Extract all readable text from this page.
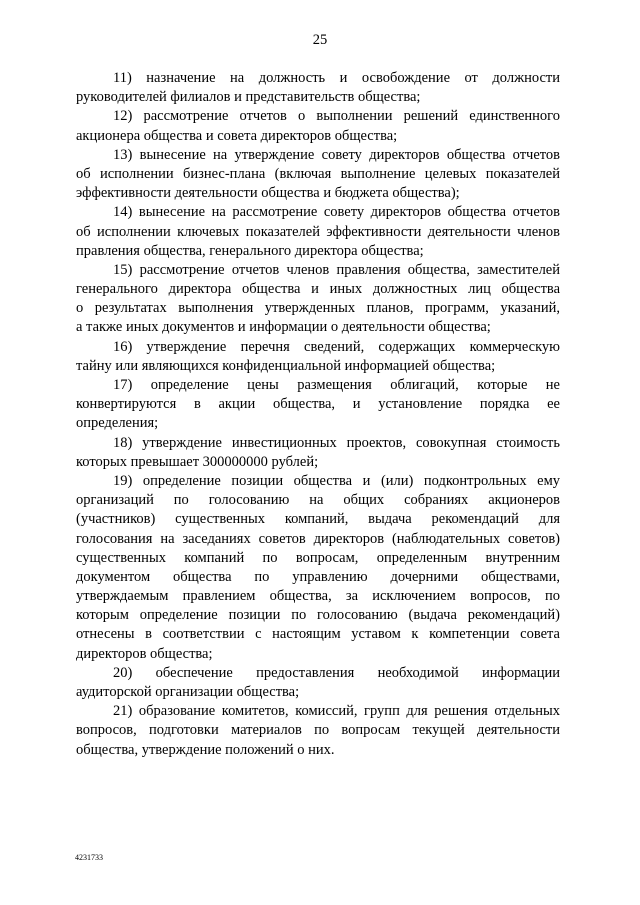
25
11) назначение на должность и освобождение от должности
руководителей филиалов и представительств общества;
12) рассмотрение отчетов о выполнении решений единственного
акционера общества и совета директоров общества;
13) вынесение на утверждение совету директоров общества отчетов
об исполнении бизнес-плана (включая выполнение целевых показателей
эффективности деятельности общества и бюджета общества);
14) вынесение на рассмотрение совету директоров общества отчетов
об исполнении ключевых показателей эффективности деятельности членов
правления общества, генерального директора общества;
15) рассмотрение отчетов членов правления общества, заместителей
генерального директора общества и иных должностных лиц общества
о результатах выполнения утвержденных планов, программ, указаний,
а также иных документов и информации о деятельности общества;
16) утверждение перечня сведений, содержащих коммерческую
тайну или являющихся конфиденциальной информацией общества;
17) определение цены размещения облигаций, которые не
конвертируются в акции общества, и установление порядка ее
определения;
18) утверждение инвестиционных проектов, совокупная стоимость
которых превышает 300000000 рублей;
19) определение позиции общества и (или) подконтрольных ему
организаций по голосованию на общих собраниях акционеров
(участников) существенных компаний, выдача рекомендаций для
голосования на заседаниях советов директоров (наблюдательных советов)
существенных компаний по вопросам, определенным внутренним
документом общества по управлению дочерними обществами,
утверждаемым правлением общества, за исключением вопросов, по
которым определение позиции по голосованию (выдача рекомендаций)
отнесены в соответствии с настоящим уставом к компетенции совета
директоров общества;
20) обеспечение предоставления необходимой информации
аудиторской организации общества;
21) образование комитетов, комиссий, групп для решения отдельных
вопросов, подготовки материалов по вопросам текущей деятельности
общества, утверждение положений о них.
4231733
